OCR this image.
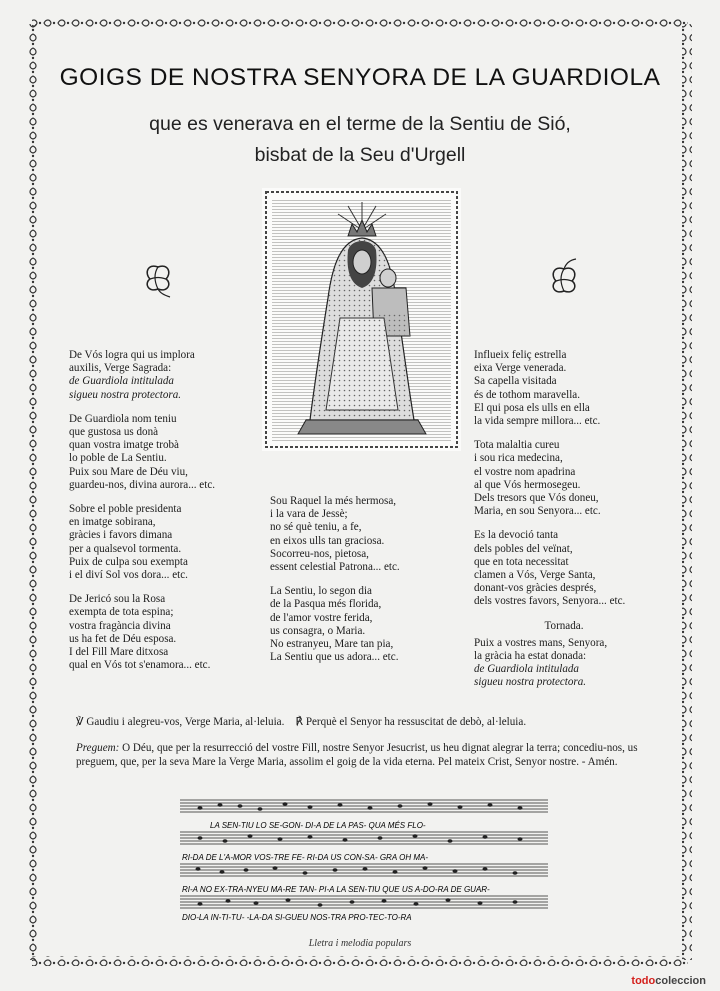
GOIGS DE NOSTRA SENYORA DE LA GUARDIOLA
que es venerava en el terme de la Sentiu de Sió,
bisbat de la Seu d'Urgell

De Vós logra qui us implora
auxilis, Verge Sagrada:
de Guardiola intitulada
sigueu nostra protectora.

De Guardiola nom teniu
que gustosa us donà
quan vostra imatge trobà
lo poble de La Sentiu.
Puix sou Mare de Déu viu,
guardeu-nos, divina aurora... etc.

Sobre el poble presidenta
en imatge sobirana,
gràcies i favors dimana
per a qualsevol tormenta.
Puix de culpa sou exempta
i el diví Sol vos dora... etc.

De Jericó sou la Rosa
exempta de tota espina;
vostra fragància divina
us ha fet de Déu esposa.
I del Fill Mare ditxosa
qual en Vós tot s'enamora... etc.

Sou Raquel la més hermosa,
i la vara de Jessè;
no sé què teniu, a fe,
en eixos ulls tan graciosa.
Socorreu-nos, pietosa,
essent celestial Patrona... etc.

La Sentiu, lo segon dia
de la Pasqua més florida,
de l'amor vostre ferida,
us consagra, o Maria.
No estranyeu, Mare tan pia,
La Sentiu que us adora... etc.

Influeix feliç estrella
eixa Verge venerada.
Sa capella visitada
és de tothom maravella.
El qui posa els ulls en ella
la vida sempre millora... etc.

Tota malaltia cureu
i sou rica medecina,
el vostre nom apadrina
al que Vós hermosegeu.
Dels tresors que Vós doneu,
Maria, en sou Senyora... etc.

Es la devoció tanta
dels pobles del veïnat,
que en tota necessitat
clamen a Vós, Verge Santa,
donant-vos gràcies després,
dels vostres favors, Senyora... etc.

Tornada.
Puix a vostres mans, Senyora,
la gràcia ha estat donada:
de Guardiola intitulada
sigueu nostra protectora.

℣ Gaudiu i alegreu-vos, Verge Maria, al·leluia. ℟ Perquè el Senyor ha ressuscitat de debò, al·leluia.
Preguem: O Déu, que per la resurrecció del vostre Fill, nostre Senyor Jesucrist, us heu dignat alegrar la terra; concediu-nos, us preguem, que, per la seva Mare la Verge Maria, assolim el goig de la vida eterna. Pel mateix Crist, Senyor nostre. - Amén.
LA SEN-TIU LO SE-GON- DI-A DE LA PAS- QUA MÉS FLO-
RI-DA DE L'A-MOR VOS-TRE FE- RI-DA US CON-SA- GRA OH MA-
RI-A NO EX-TRA-NYEU MA-RE TAN- PI-A LA SEN-TIU QUE US A-DO-RA DE GUAR-
DIO-LA IN-TI-TU- -LA-DA SI-GUEU NOS-TRA PRO-TEC-TO-RA
Lletra i melodia populars
todocoleccion
